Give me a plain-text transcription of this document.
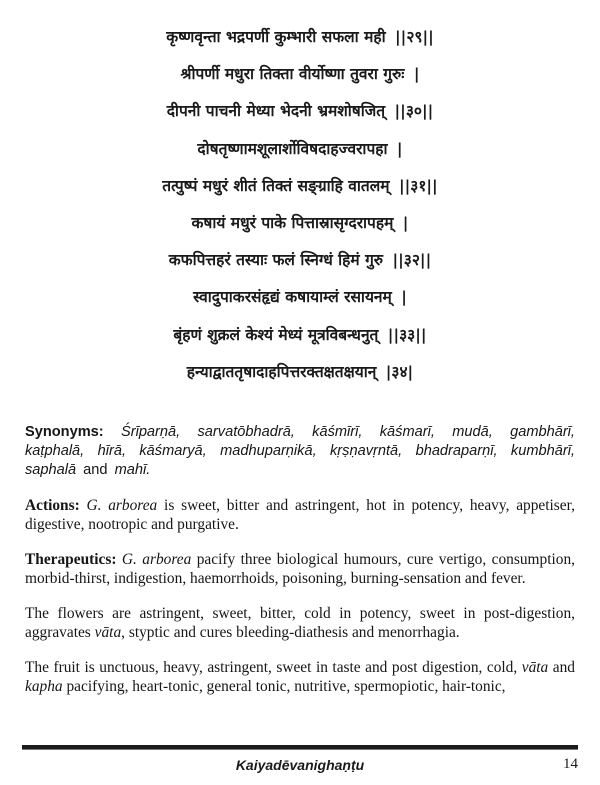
कृष्णवृन्ता भद्रपर्णी कुम्भारी सफला मही ||२९||
श्रीपर्णी मधुरा तिक्ता वीर्योष्णा तुवरा गुरुः |
दीपनी पाचनी मेध्या भेदनी भ्रमशोषजित् ||३०||
दोषतृष्णामशूलार्शोविषदाहज्वरापहा |
तत्पुष्पं मधुरं शीतं तिक्तं सङ्ग्राहि वातलम् ||३१||
कषायं मधुरं पाके पित्तास्रासृग्दरापहम् |
कफपित्तहरं तस्याः फलं स्निग्धं हिमं गुरु ||३२||
स्वादुपाकरसंहृद्यं कषायाम्लं रसायनम् |
बृंहणं शुक्रलं केश्यं मेध्यं मूत्रविबन्धनुत् ||३३||
हन्याद्वाततृषादाहपित्तरक्तक्षतक्षयान् |३४|

Synonyms: Śrīparṇā, sarvatōbhadrā, kāśmīrī, kāśmarī, mudā, gambhārī, kaṭphalā, hīrā, kāśmaryā, madhuparṇikā, kṛṣṇavṛntā, bhadraparṇī, kumbhārī, saphalā and mahī.

Actions: G. arborea is sweet, bitter and astringent, hot in potency, heavy, appetiser, digestive, nootropic and purgative.

Therapeutics: G. arborea pacify three biological humours, cure vertigo, consumption, morbid-thirst, indigestion, haemorrhoids, poisoning, burning-sensation and fever.

The flowers are astringent, sweet, bitter, cold in potency, sweet in post-digestion, aggravates vāta, styptic and cures bleeding-diathesis and menorrhagia.

The fruit is unctuous, heavy, astringent, sweet in taste and post digestion, cold, vāta and kapha pacifying, heart-tonic, general tonic, nutritive, spermopiotic, hair-tonic,

Kaiyadēvanighaṇṭu	14
